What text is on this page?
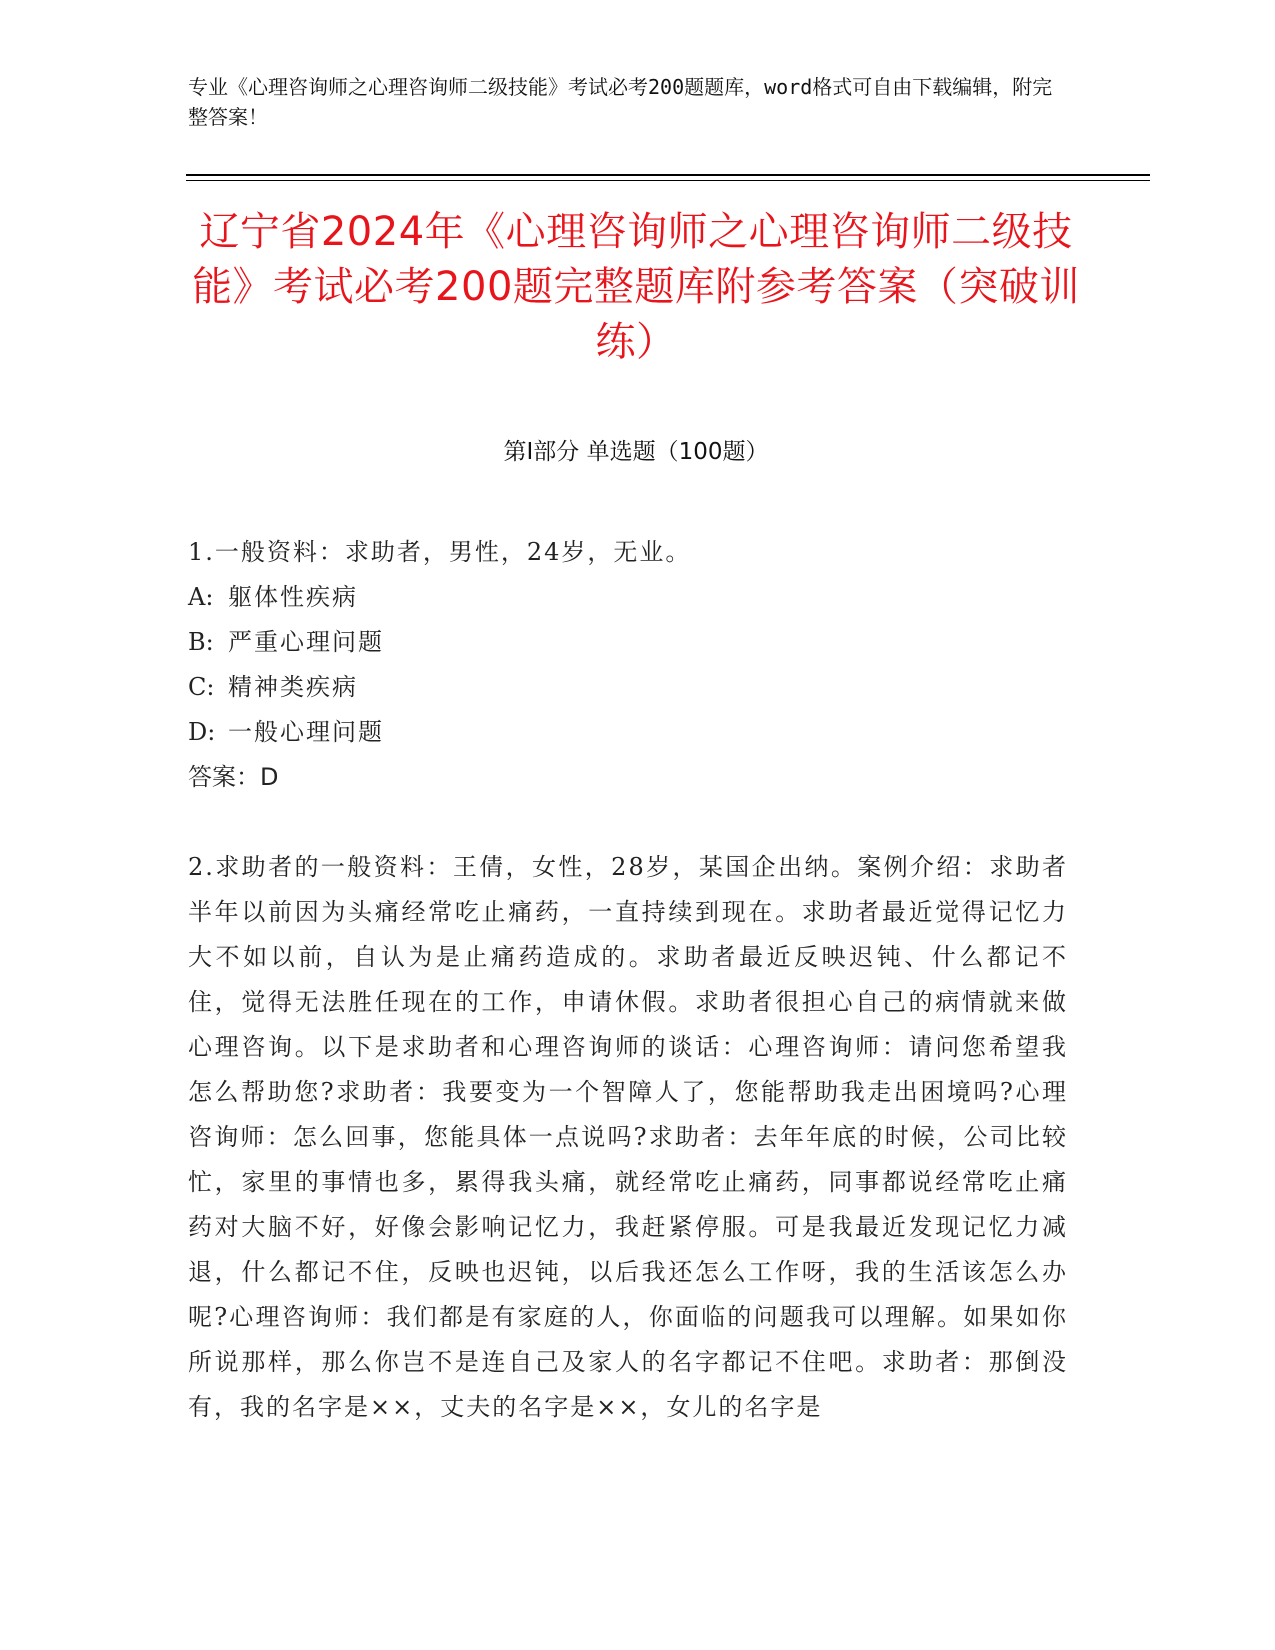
专业《心理咨询师之心理咨询师二级技能》考试必考200题题库，word格式可自由下载编辑，附完整答案！
辽宁省2024年《心理咨询师之心理咨询师二级技能》考试必考200题完整题库附参考答案（突破训练）
第I部分 单选题（100题）
1.一般资料：求助者，男性，24岁，无业。
A: 躯体性疾病
B: 严重心理问题
C: 精神类疾病
D: 一般心理问题
答案：D
2.求助者的一般资料：王倩，女性，28岁，某国企出纳。案例介绍：求助者半年以前因为头痛经常吃止痛药，一直持续到现在。求助者最近觉得记忆力大不如以前，自认为是止痛药造成的。求助者最近反映迟钝、什么都记不住，觉得无法胜任现在的工作，申请休假。求助者很担心自己的病情就来做心理咨询。以下是求助者和心理咨询师的谈话：心理咨询师：请问您希望我怎么帮助您?求助者：我要变为一个智障人了，您能帮助我走出困境吗?心理咨询师：怎么回事，您能具体一点说吗?求助者：去年年底的时候，公司比较忙，家里的事情也多，累得我头痛，就经常吃止痛药，同事都说经常吃止痛药对大脑不好，好像会影响记忆力，我赶紧停服。可是我最近发现记忆力减退，什么都记不住，反映也迟钝，以后我还怎么工作呀，我的生活该怎么办呢?心理咨询师：我们都是有家庭的人，你面临的问题我可以理解。如果如你所说那样，那么你岂不是连自己及家人的名字都记不住吧。求助者：那倒没有，我的名字是××，丈夫的名字是××，女儿的名字是
